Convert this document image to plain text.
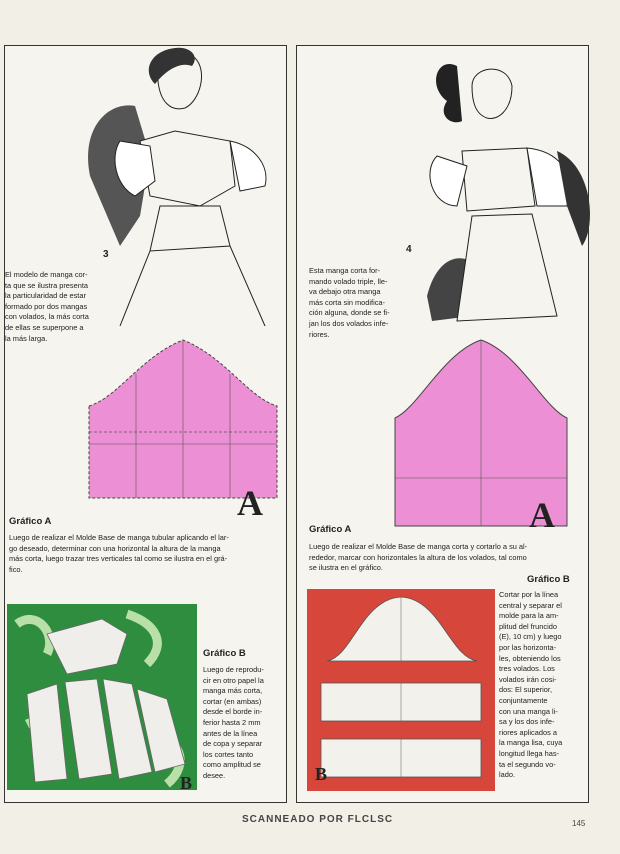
3
El modelo de manga cor-
ta que se ilustra presenta
la particularidad de estar
formado por dos mangas
con volados, la más corta
de ellas se superpone a
la más larga.
A
Gráfico A
Luego de realizar el Molde Base de manga tubular aplicando el lar-
go deseado, determinar con una horizontal la altura de la manga
más corta, luego trazar tres verticales tal como se ilustra en el grá-
fico.
B
Gráfico B
Luego de reprodu-
cir en otro papel la
manga más corta,
cortar (en ambas)
desde el borde in-
ferior hasta 2 mm
antes de la línea
de copa y separar
los cortes tanto
como amplitud se
desee.
4
Esta manga corta for-
mando volado triple, lle-
va debajo otra manga
más corta sin modifica-
ción alguna, donde se fi-
jan los dos volados infe-
riores.
A
Gráfico A
Luego de realizar el Molde Base de manga corta y cortarlo a su al-
rededor, marcar con horizontales la altura de los volados, tal como
se ilustra en el gráfico.
B
Gráfico B
Cortar por la línea
central y separar el
molde para la am-
plitud del fruncido
(E), 10 cm) y luego
por las horizonta-
les, obteniendo los
tres volados. Los
volados irán cosi-
dos: El superior,
conjuntamente
con una manga li-
sa y los dos infe-
riores aplicados a
la manga lisa, cuya
longitud llega has-
ta el segundo vo-
lado.
SCANNEADO POR FLCLSC	145
